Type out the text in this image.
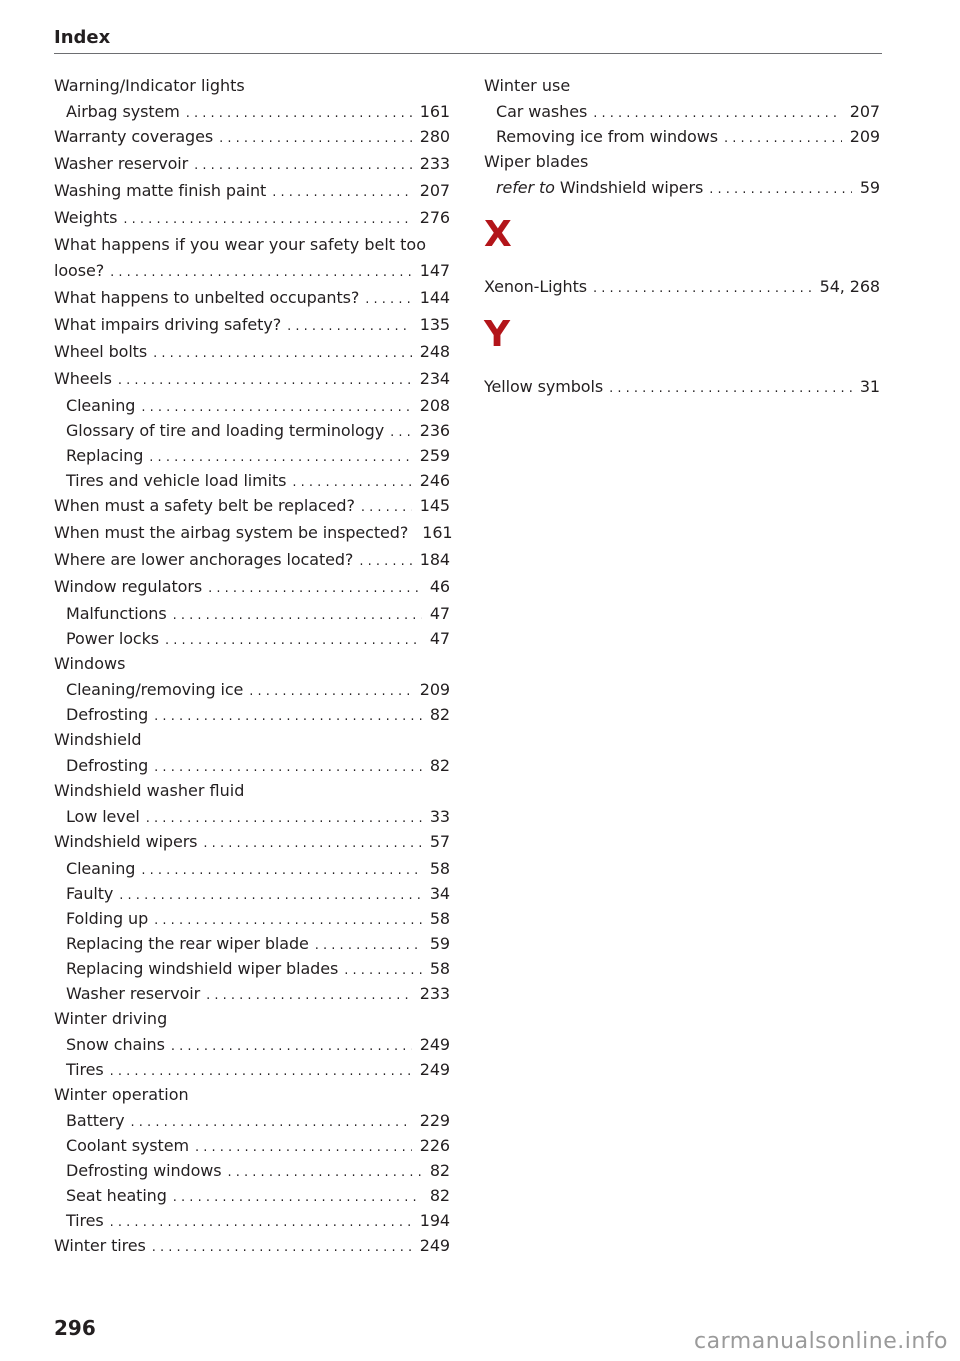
Index
Warning/Indicator lights
Airbag system . . .	161
Warranty coverages . . .	280
Washer reservoir . . .	233
Washing matte finish paint . . .	207
Weights . . .	276
What happens if you wear your safety belt too
loose? . . .	147
What happens to unbelted occupants? . . .	144
What impairs driving safety? . . .	135
Wheel bolts . . .	248
Wheels . . .	234
Cleaning . . .	208
Glossary of tire and loading terminology . . . 236
Replacing . . .	259
Tires and vehicle load limits . . .	246
When must a safety belt be replaced? . . .	145
When must the airbag system be inspected? 161
Where are lower anchorages located? . . .	184
Window regulators . . .	46
Malfunctions . . .	47
Power locks . . .	47
Windows
Cleaning/removing ice . . .	209
Defrosting . . .	82
Windshield
Defrosting . . .	82
Windshield washer fluid
Low level . . .	33
Windshield wipers . . .	57
Cleaning . . .	58
Faulty . . .	34
Folding up . . .	58
Replacing the rear wiper blade . . .	59
Replacing windshield wiper blades . . .	58
Washer reservoir . . .	233
Winter driving
Snow chains . . .	249
Tires . . .	249
Winter operation
Battery . . .	229
Coolant system . . .	226
Defrosting windows . . .	82
Seat heating . . .	82
Tires . . .	194
Winter tires . . .	249
Winter use
Car washes . . .	207
Removing ice from windows . . .	209
Wiper blades
refer to Windshield wipers . . .	59
X
Xenon-Lights . . .	54, 268
Y
Yellow symbols . . .	31
296
carmanualsonline.info
